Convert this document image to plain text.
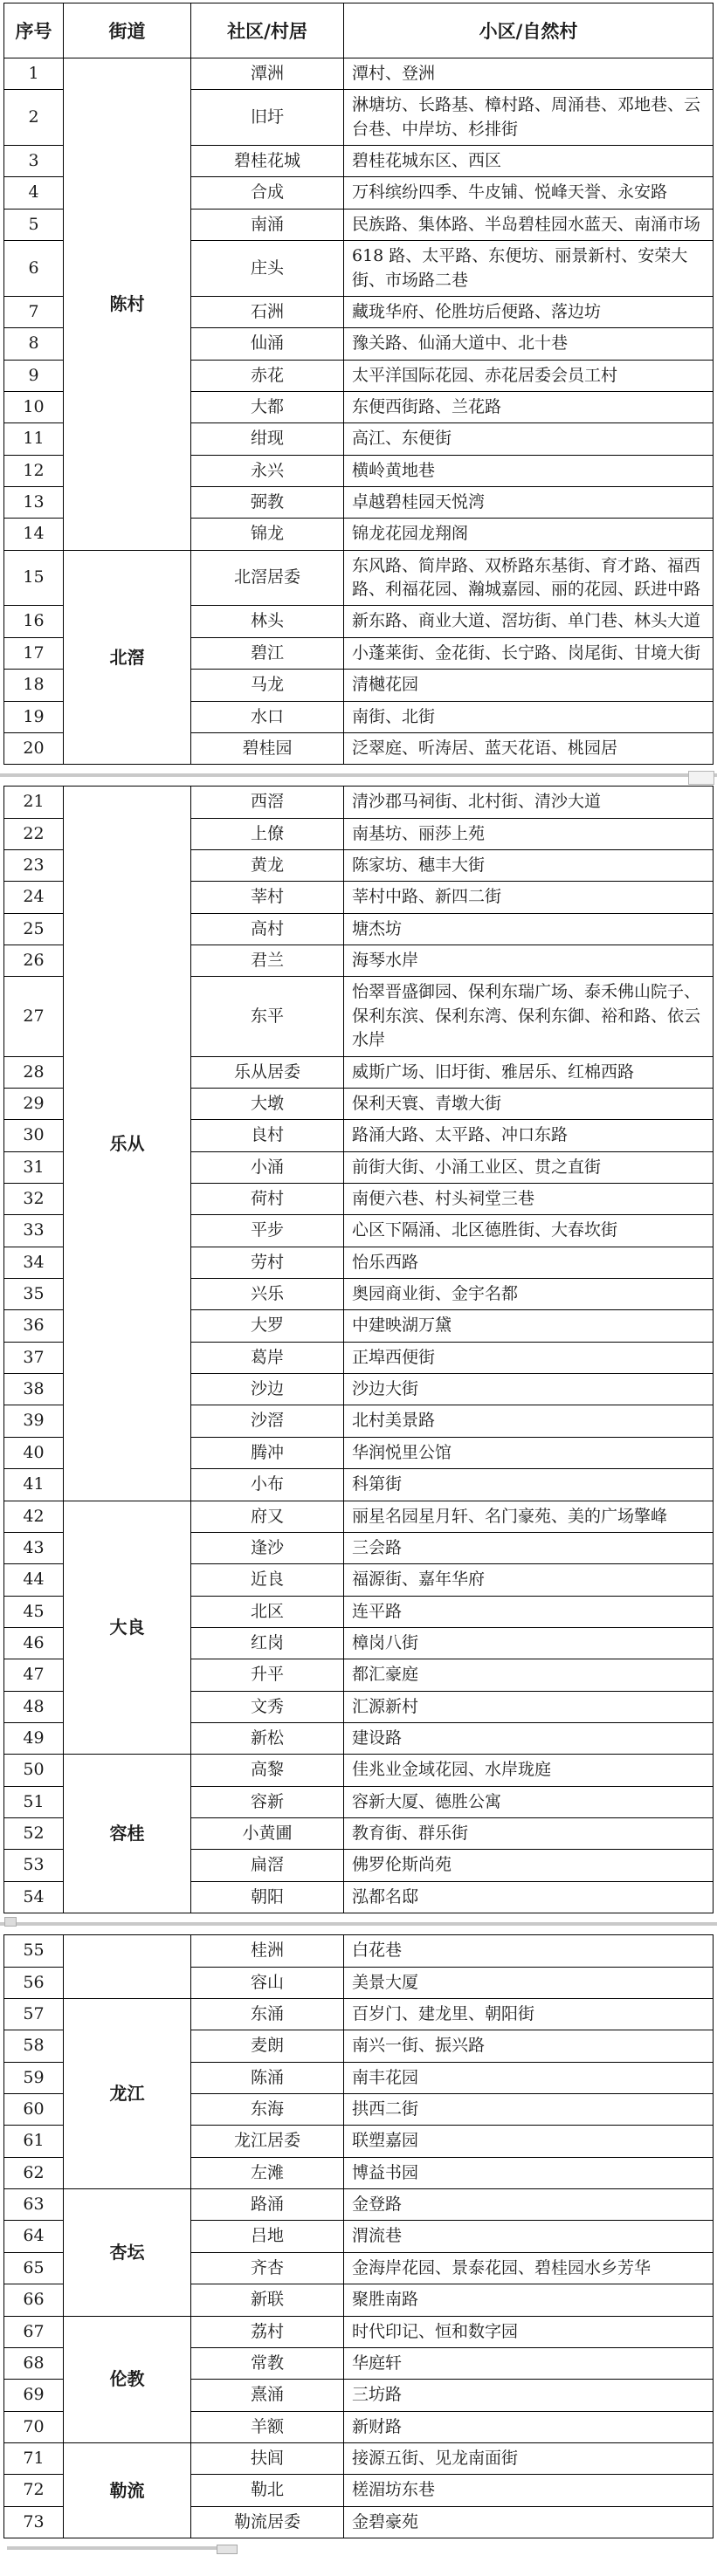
序号	街道	社区/村居	小区/自然村
1	陈村	潭洲	潭村、登洲
2		旧圩	淋塘坊、长路基、樟村路、周涌巷、邓地巷、云台巷、中岸坊、杉排街
3		碧桂花城	碧桂花城东区、西区
4		合成	万科缤纷四季、牛皮铺、悦峰天誉、永安路
5		南涌	民族路、集体路、半岛碧桂园水蓝天、南涌市场
6		庄头	618 路、太平路、东便坊、丽景新村、安荣大街、市场路二巷
7		石洲	藏珑华府、伦胜坊后便路、落边坊
8		仙涌	豫关路、仙涌大道中、北十巷
9		赤花	太平洋国际花园、赤花居委会员工村
10		大都	东便西街路、兰花路
11		绀现	高江、东便街
12		永兴	横岭黄地巷
13		弼教	卓越碧桂园天悦湾
14		锦龙	锦龙花园龙翔阁
15	北滘	北滘居委	东风路、简岸路、双桥路东基街、育才路、福西路、利福花园、瀚城嘉园、丽的花园、跃进中路
16		林头	新东路、商业大道、滘坊街、单门巷、林头大道
17		碧江	小蓬莱街、金花街、长宁路、岗尾街、甘境大街
18		马龙	清樾花园
19		水口	南街、北街
20		碧桂园	泛翠庭、听涛居、蓝天花语、桃园居
21	乐从	西滘	清沙郡马祠街、北村街、清沙大道
22		上僚	南基坊、丽莎上苑
23		黄龙	陈家坊、穗丰大街
24		莘村	莘村中路、新四二街
25		高村	塘杰坊
26		君兰	海琴水岸
27		东平	怡翠晋盛御园、保利东瑞广场、泰禾佛山院子、保利东滨、保利东湾、保利东御、裕和路、依云水岸
28		乐从居委	威斯广场、旧圩街、雅居乐、红棉西路
29		大墩	保利天寰、青墩大街
30		良村	路涌大路、太平路、冲口东路
31		小涌	前街大街、小涌工业区、贯之直街
32		荷村	南便六巷、村头祠堂三巷
33		平步	心区下隔涌、北区德胜街、大春坎街
34		劳村	怡乐西路
35		兴乐	奥园商业街、金宇名都
36		大罗	中建映湖万黛
37		葛岸	正埠西便街
38		沙边	沙边大街
39		沙滘	北村美景路
40		腾冲	华润悦里公馆
41		小布	科第街
42	大良	府又	丽星名园星月轩、名门豪苑、美的广场擎峰
43		逢沙	三会路
44		近良	福源街、嘉年华府
45		北区	连平路
46		红岗	樟岗八街
47		升平	都汇豪庭
48		文秀	汇源新村
49		新松	建设路
50	容桂	高黎	佳兆业金域花园、水岸珑庭
51		容新	容新大厦、德胜公寓
52		小黄圃	教育街、群乐街
53		扁滘	佛罗伦斯尚苑
54		朝阳	泓都名邸
55		桂洲	白花巷
56		容山	美景大厦
57	龙江	东涌	百岁门、建龙里、朝阳街
58		麦朗	南兴一街、振兴路
59		陈涌	南丰花园
60		东海	拱西二街
61		龙江居委	联塑嘉园
62		左滩	博益书园
63	杏坛	路涌	金登路
64		吕地	渭流巷
65		齐杏	金海岸花园、景泰花园、碧桂园水乡芳华
66		新联	聚胜南路
67	伦教	荔村	时代印记、恒和数字园
68		常教	华庭轩
69		熹涌	三坊路
70		羊额	新财路
71	勒流	扶闾	接源五街、见龙南面街
72		勒北	槎湄坊东巷
73		勒流居委	金碧豪苑
